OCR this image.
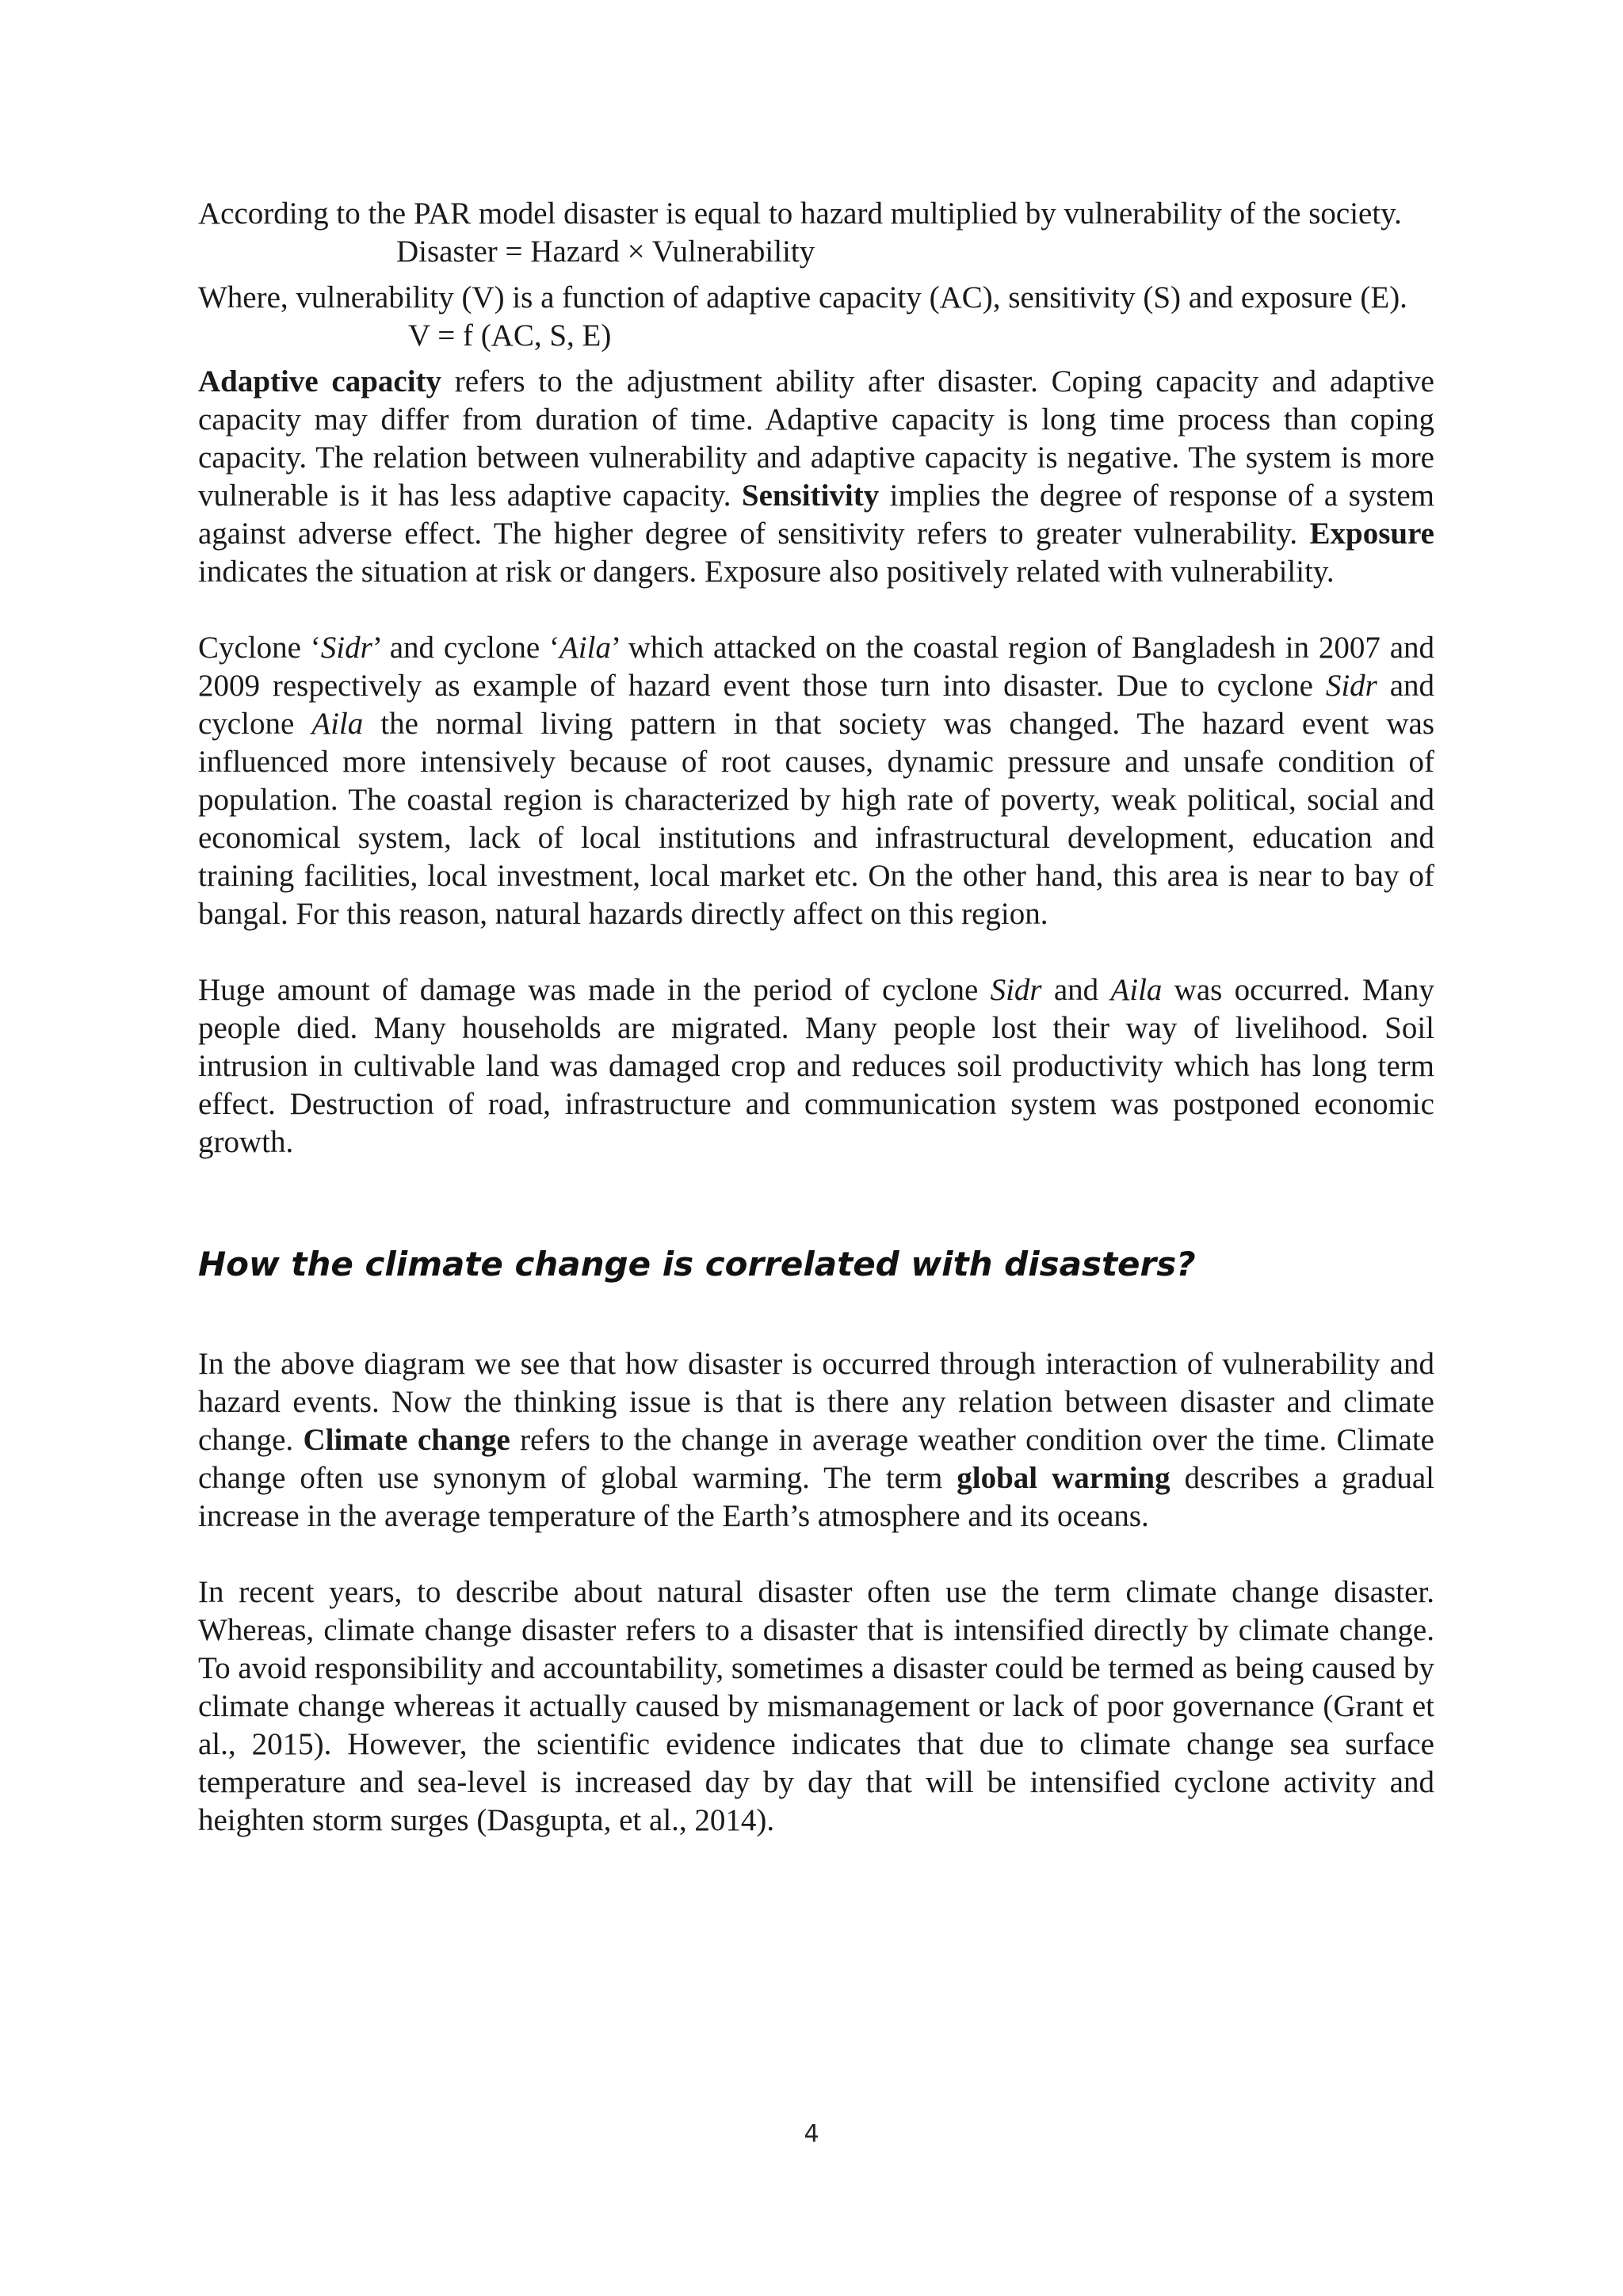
According to the PAR model disaster is equal to hazard multiplied by vulnerability of the society.

Disaster = Hazard × Vulnerability

Where, vulnerability (V) is a function of adaptive capacity (AC), sensitivity (S) and exposure (E).

V = f (AC, S, E)

Adaptive capacity refers to the adjustment ability after disaster. Coping capacity and adaptive capacity may differ from duration of time. Adaptive capacity is long time process than coping capacity. The relation between vulnerability and adaptive capacity is negative. The system is more vulnerable is it has less adaptive capacity. Sensitivity implies the degree of response of a system against adverse effect. The higher degree of sensitivity refers to greater vulnerability. Exposure indicates the situation at risk or dangers. Exposure also positively related with vulnerability.

Cyclone ‘Sidr’ and cyclone ‘Aila’ which attacked on the coastal region of Bangladesh in 2007 and 2009 respectively as example of hazard event those turn into disaster. Due to cyclone Sidr and cyclone Aila the normal living pattern in that society was changed. The hazard event was influenced more intensively because of root causes, dynamic pressure and unsafe condition of population. The coastal region is characterized by high rate of poverty, weak political, social and economical system, lack of local institutions and infrastructural development, education and training facilities, local investment, local market etc. On the other hand, this area is near to bay of bangal. For this reason, natural hazards directly affect on this region.

Huge amount of damage was made in the period of cyclone Sidr and Aila was occurred. Many people died. Many households are migrated. Many people lost their way of livelihood. Soil intrusion in cultivable land was damaged crop and reduces soil productivity which has long term effect. Destruction of road, infrastructure and communication system was postponed economic growth.

How the climate change is correlated with disasters?

In the above diagram we see that how disaster is occurred through interaction of vulnerability and hazard events. Now the thinking issue is that is there any relation between disaster and climate change. Climate change refers to the change in average weather condition over the time. Climate change often use synonym of global warming. The term global warming describes a gradual increase in the average temperature of the Earth’s atmosphere and its oceans.

In recent years, to describe about natural disaster often use the term climate change disaster. Whereas, climate change disaster refers to a disaster that is intensified directly by climate change. To avoid responsibility and accountability, sometimes a disaster could be termed as being caused by climate change whereas it actually caused by mismanagement or lack of poor governance (Grant et al., 2015). However, the scientific evidence indicates that due to climate change sea surface temperature and sea-level is increased day by day that will be intensified cyclone activity and heighten storm surges (Dasgupta, et al., 2014).

4
